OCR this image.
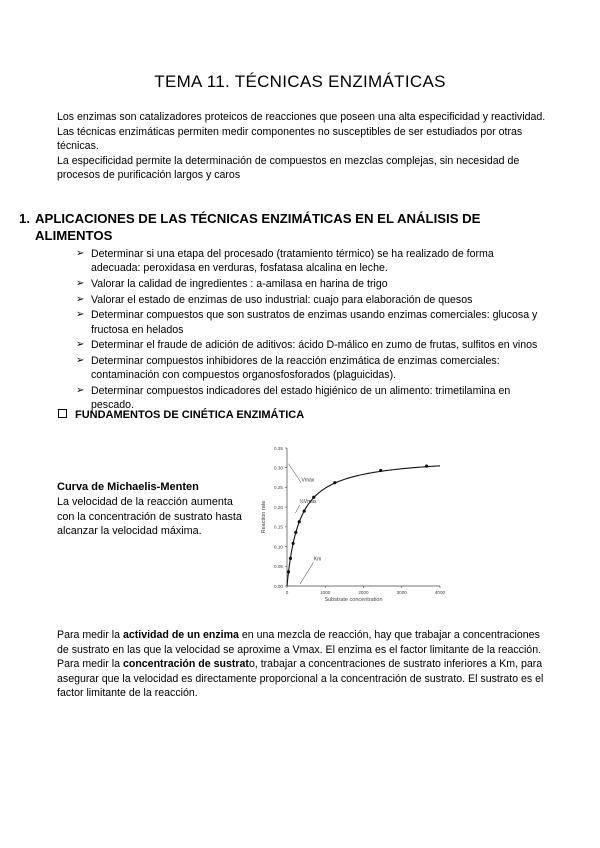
TEMA 11. TÉCNICAS ENZIMÁTICAS

Los enzimas son catalizadores proteicos de reacciones que poseen una alta especificidad y reactividad.

Las técnicas enzimáticas permiten medir componentes no susceptibles de ser estudiados por otras técnicas.

La especificidad permite la determinación de compuestos en mezclas complejas, sin necesidad de procesos de purificación largos y caros

1. APLICACIONES DE LAS TÉCNICAS ENZIMÁTICAS EN EL ANÁLISIS DE ALIMENTOS
➢ Determinar si una etapa del procesado (tratamiento térmico) se ha realizado de forma adecuada: peroxidasa en verduras, fosfatasa alcalina en leche.
➢ Valorar la calidad de ingredientes : a-amilasa en harina de trigo
➢ Valorar el estado de enzimas de uso industrial: cuajo para elaboración de quesos
➢ Determinar compuestos que son sustratos de enzimas usando enzimas comerciales: glucosa y fructosa en helados
➢ Determinar el fraude de adición de aditivos: ácido D-málico en zumo de frutas, sulfitos en vinos
➢ Determinar compuestos inhibidores de la reacción enzimática de enzimas comerciales: contaminación con compuestos organosfosforados (plaguicidas).
➢ Determinar compuestos indicadores del estado higiénico de un alimento: trimetilamina en pescado.
FUNDAMENTOS DE CINÉTICA ENZIMÁTICA
Curva de Michaelis-Menten
La velocidad de la reacción aumenta con la concentración de sustrato hasta alcanzar la velocidad máxima.
0.00
0.05
0.10
0.15
0.20
0.25
0.30
0.35
0	1000	2000	3000	4000
Substrate concentration
Reaction rate
Vmax
½Vmax
Km

Para medir la actividad de un enzima en una mezcla de reacción, hay que trabajar a concentraciones de sustrato en las que la velocidad se aproxime a Vmax. El enzima es el factor limitante de la reacción.

Para medir la concentración de sustrato, trabajar a concentraciones de sustrato inferiores a Km, para asegurar que la velocidad es directamente proporcional a la concentración de sustrato. El sustrato es el factor limitante de la reacción.
